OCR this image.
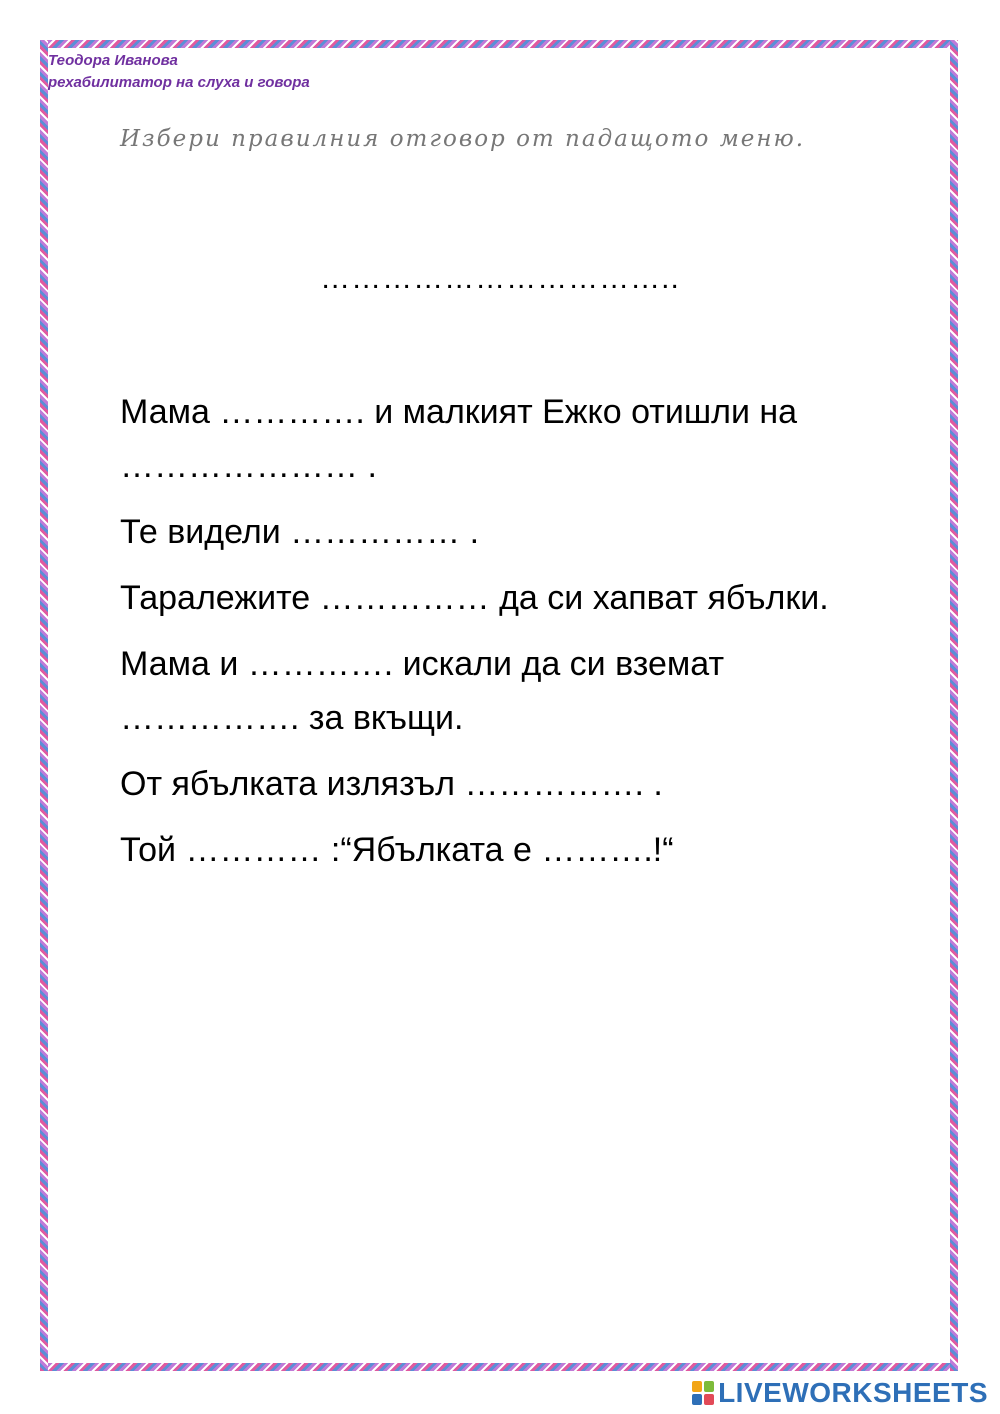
Теодора Иванова
рехабилитатор на слуха и говора
Избери правилния отговор от падащото меню.
……………………………..

Мама …………. и малкият Ежко отишли на ………………… .

Те видели …………… .

Таралежите …………… да си хапват ябълки.

Мама и …………. искали да си вземат ……………. за вкъщи.

От ябълката излязъл ……………. .

Той ………… :“Ябълката е ……….!“

LIVEWORKSHEETS
